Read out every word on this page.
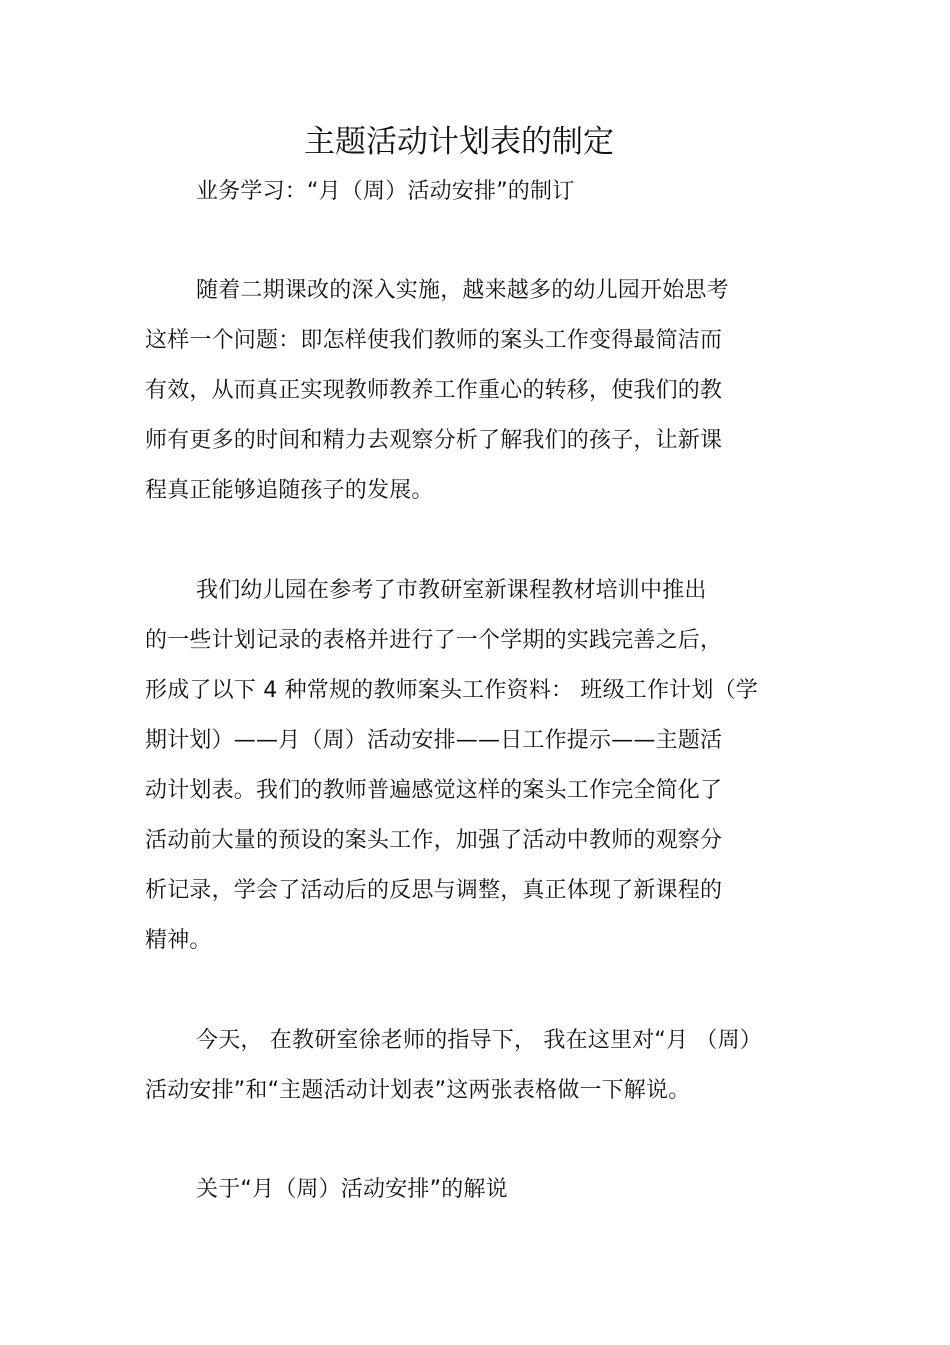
主题活动计划表的制定
业务学习：“月（周）活动安排”的制订
随着二期课改的深入实施，越来越多的幼儿园开始思考
这样一个问题：即怎样使我们教师的案头工作变得最简洁而
有效，从而真正实现教师教养工作重心的转移，使我们的教
师有更多的时间和精力去观察分析了解我们的孩子，让新课
程真正能够追随孩子的发展。
我们幼儿园在参考了市教研室新课程教材培训中推出
的一些计划记录的表格并进行了一个学期的实践完善之后，
形成了以下 4 种常规的教师案头工作资料： 班级工作计划（学
期计划）——月（周）活动安排——日工作提示——主题活
动计划表。我们的教师普遍感觉这样的案头工作完全简化了
活动前大量的预设的案头工作，加强了活动中教师的观察分
析记录，学会了活动后的反思与调整，真正体现了新课程的
精神。
今天， 在教研室徐老师的指导下， 我在这里对“月 （周）
活动安排”和“主题活动计划表”这两张表格做一下解说。
关于“月（周）活动安排”的解说
